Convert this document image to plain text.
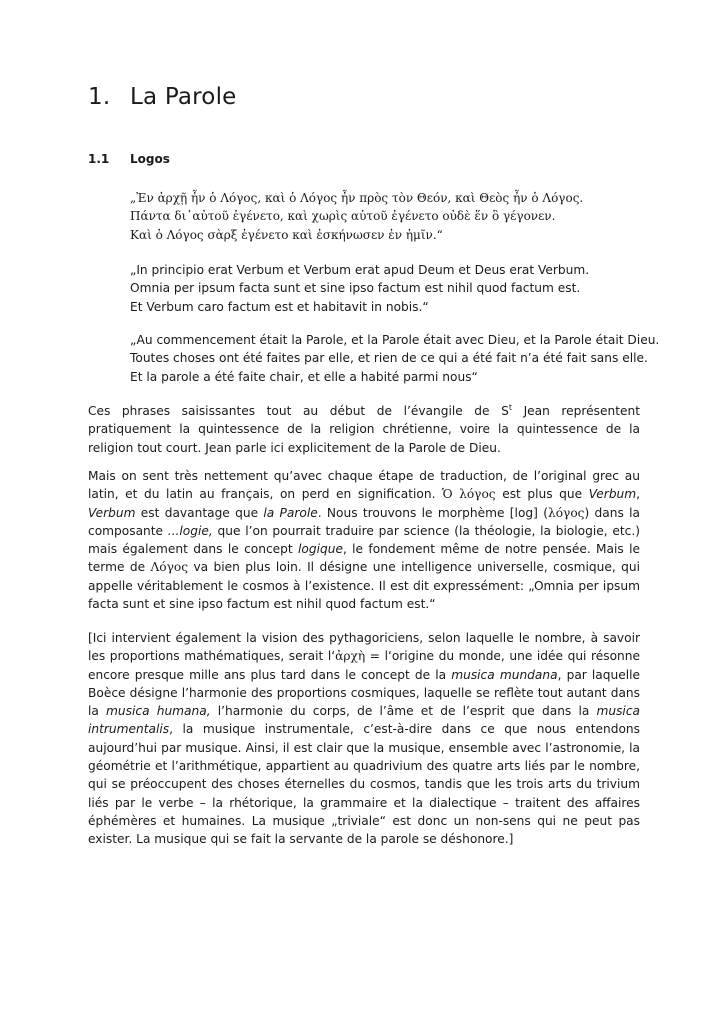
1. La Parole
1.1 Logos
„Ἐν ἀρχῇ ἦν ὁ Λόγος, καὶ ὁ Λόγος ἦν πρὸς τὸν Θεόν, καὶ Θεὸς ἦν ὁ Λόγος.
Πάντα δι᾽αὐτοῦ ἐγένετο, καὶ χωρὶς αὐτοῦ ἐγένετο οὐδὲ ἕν ὃ γέγονεν.
Καὶ ὁ Λόγος σὰρξ ἐγένετο καὶ ἐσκήνωσεν ἐν ἡμῖν.“
„In principio erat Verbum et Verbum erat apud Deum et Deus erat Verbum.
Omnia per ipsum facta sunt et sine ipso factum est nihil quod factum est.
Et Verbum caro factum est et habitavit in nobis.“
„Au commencement était la Parole, et la Parole était avec Dieu, et la Parole était Dieu.
Toutes choses ont été faites par elle, et rien de ce qui a été fait n’a été fait sans elle.
Et la parole a été faite chair, et elle a habité parmi nous“

Ces phrases saisissantes tout au début de l’évangile de $S^t$ Jean représentent pratiquement la quintessence de la religion chrétienne, voire la quintessence de la religion tout court. Jean parle ici explicitement de la Parole de Dieu.

Mais on sent très nettement qu’avec chaque étape de traduction, de l’original grec au latin, et du latin au français, on perd en signification. Ὁ λόγος est plus que Verbum, Verbum est davantage que la Parole. Nous trouvons le morphème [log] (λόγος) dans la composante ...logie, que l’on pourrait traduire par science (la théologie, la biologie, etc.) mais également dans le concept logique, le fondement même de notre pensée. Mais le terme de Λόγος va bien plus loin. Il désigne une intelligence universelle, cosmique, qui appelle véritablement le cosmos à l’existence. Il est dit expressément: „Omnia per ipsum facta sunt et sine ipso factum est nihil quod factum est.“

[Ici intervient également la vision des pythagoriciens, selon laquelle le nombre, à savoir les proportions mathématiques, serait l‘ἀρχὴ = l‘origine du monde, une idée qui résonne encore presque mille ans plus tard dans le concept de la musica mundana, par laquelle Boèce désigne l’harmonie des proportions cosmiques, laquelle se reflète tout autant dans la musica humana, l’harmonie du corps, de l’âme et de l’esprit que dans la musica intrumentalis, la musique instrumentale, c’est-à-dire dans ce que nous entendons aujourd’hui par musique. Ainsi, il est clair que la musique, ensemble avec l’astronomie, la géométrie et l’arithmétique, appartient au quadrivium des quatre arts liés par le nombre, qui se préoccupent des choses éternelles du cosmos, tandis que les trois arts du trivium liés par le verbe – la rhétorique, la grammaire et la dialectique – traitent des affaires éphémères et humaines. La musique „triviale“ est donc un non-sens qui ne peut pas exister. La musique qui se fait la servante de la parole se déshonore.]
